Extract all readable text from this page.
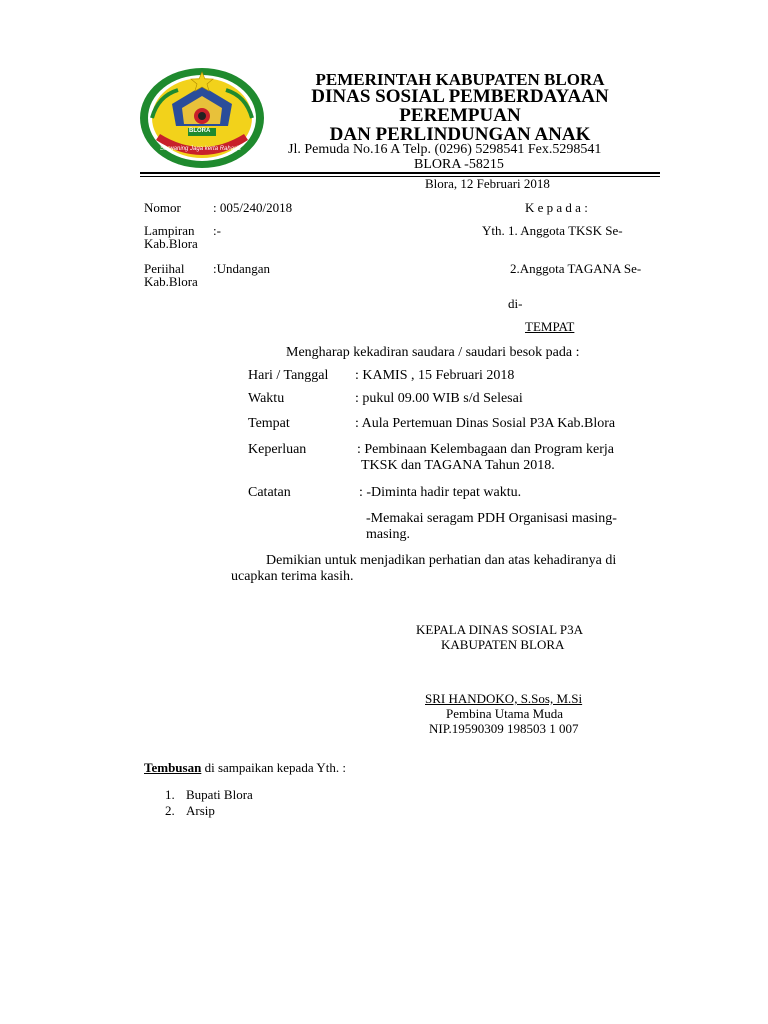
BLORA
Sarwaning Jaga kerta Raharja
PEMERINTAH KABUPATEN BLORA
DINAS SOSIAL PEMBERDAYAAN
PEREMPUAN
DAN PERLINDUNGAN ANAK
Jl. Pemuda No.16 A Telp. (0296) 5298541 Fex.5298541
BLORA -58215
Blora, 12 Februari 2018
Nomor : 005/240/2018
Lampiran :-
Kab.Blora
Periihal :Undangan
Kab.Blora
K e p a d a :
Yth. 1. Anggota TKSK Se-
2.Anggota TAGANA Se-
di-
TEMPAT
Mengharap kekadiran saudara / saudari besok pada :
Hari / Tanggal : KAMIS , 15 Februari 2018
Waktu	: pukul 09.00 WIB s/d Selesai
Tempat	: Aula Pertemuan Dinas Sosial P3A Kab.Blora
Keperluan	: Pembinaan Kelembagaan dan Program kerja
TKSK dan TAGANA Tahun 2018.
Catatan	: -Diminta hadir tepat waktu.
-Memakai seragam PDH Organisasi masing-
masing.
Demikian untuk menjadikan perhatian dan atas kehadiranya di
ucapkan terima kasih.
KEPALA DINAS SOSIAL P3A
KABUPATEN BLORA
SRI HANDOKO, S.Sos, M.Si
Pembina Utama Muda
NIP.19590309 198503 1 007
Tembusan di sampaikan kepada Yth. :
1. Bupati Blora
2. Arsip
